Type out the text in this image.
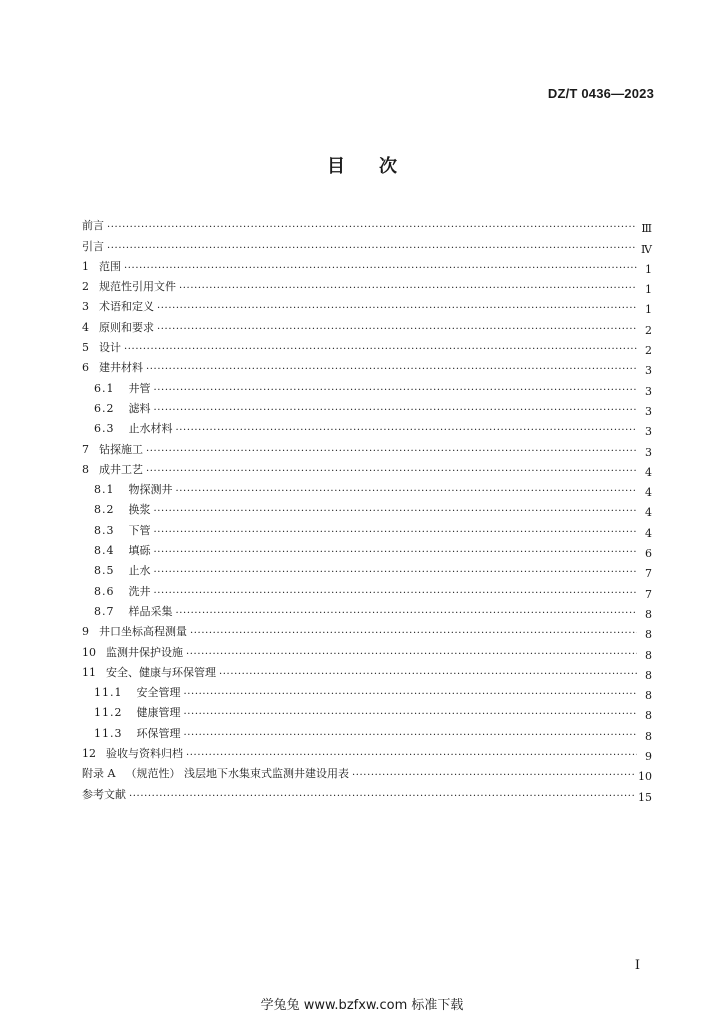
DZ/T 0436—2023
目次
前言 ·····	Ⅲ
引言 ·····	Ⅳ
1 范围 ·····	1
2 规范性引用文件 ·····	1
3 术语和定义 ·····	1
4 原则和要求 ·····	2
5 设计 ·····	2
6 建井材料 ·····	3
6.1 井管 ·····	3
6.2 滤料 ·····	3
6.3 止水材料 ·····	3
7 钻探施工 ·····	3
8 成井工艺 ·····	4
8.1 物探测井 ·····	4
8.2 换浆 ·····	4
8.3 下管 ·····	4
8.4 填砾 ·····	6
8.5 止水 ·····	7
8.6 洗井 ·····	7
8.7 样品采集 ·····	8
9 井口坐标高程测量 ·····	8
10 监测井保护设施 ·····	8
11 安全、健康与环保管理 ·····	8
11.1 安全管理 ·····	8
11.2 健康管理 ·····	8
11.3 环保管理 ·····	8
12 验收与资料归档 ·····	9
附录 A （规范性） 浅层地下水集束式监测井建设用表 ·····	10
参考文献 ·····	15
I
学兔兔 www.bzfxw.com 标准下载
